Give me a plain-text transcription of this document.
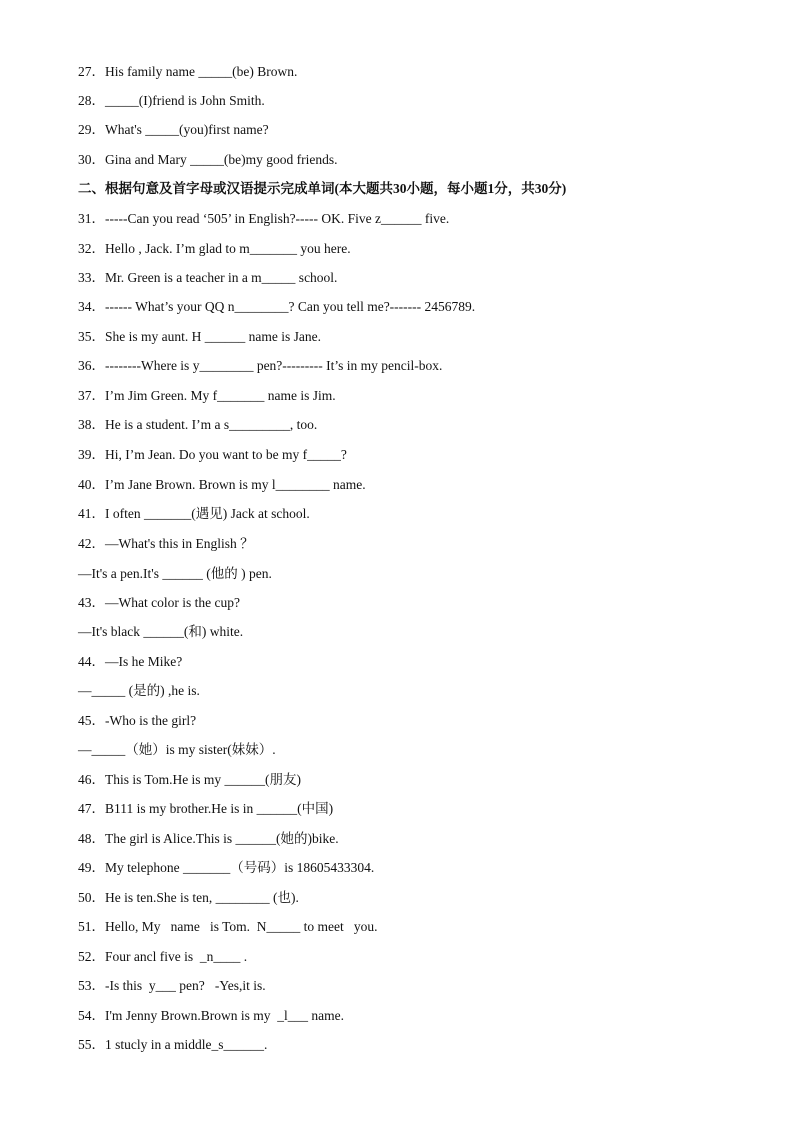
27．His family name _____(be) Brown.
28．_____(I)friend is John Smith.
29．What's _____(you)first name?
30．Gina and Mary _____(be)my good friends.
二、根据句意及首字母或汉语提示完成单词(本大题共30小题，每小题1分，共30分)
31．-----Can you read ‘505’ in English?----- OK. Five z______ five.
32．Hello , Jack. I’m glad to m_______ you here.
33．Mr. Green is a teacher in a m_____ school.
34．------ What’s your QQ n________? Can you tell me?------- 2456789.
35．She is my aunt. H ______ name is Jane.
36．--------Where is y________ pen?--------- It’s in my pencil-box.
37．I’m Jim Green. My f_______ name is Jim.
38．He is a student. I’m a s_________, too.
39．Hi, I’m Jean. Do you want to be my f_____?
40．I’m Jane Brown. Brown is my l________ name.
41．I often _______(遇见) Jack at school.
42．—What's this in English ？
—It's a pen.It's ______ (他的 ) pen.
43．—What color is the cup?
—It's black ______(和) white.
44．—Is he Mike?
—_____ (是的) ,he is.
45．-Who is the girl?
—_____（她）is my sister(妹妹）.
46．This is Tom.He is my ______(朋友)
47．B111 is my brother.He is in ______(中国)
48．The girl is Alice.This is ______(她的)bike.
49．My telephone _______（号码）is 18605433304.
50．He is ten.She is ten, ________ (也).
51．Hello, My   name   is Tom.  N_____ to meet   you.
52．Four ancl five is  _n____ .
53．-Is this  y___ pen?   -Yes,it is.
54．I'm Jenny Brown.Brown is my  _l___ name.
55．1 stucly in a middle_s______.
